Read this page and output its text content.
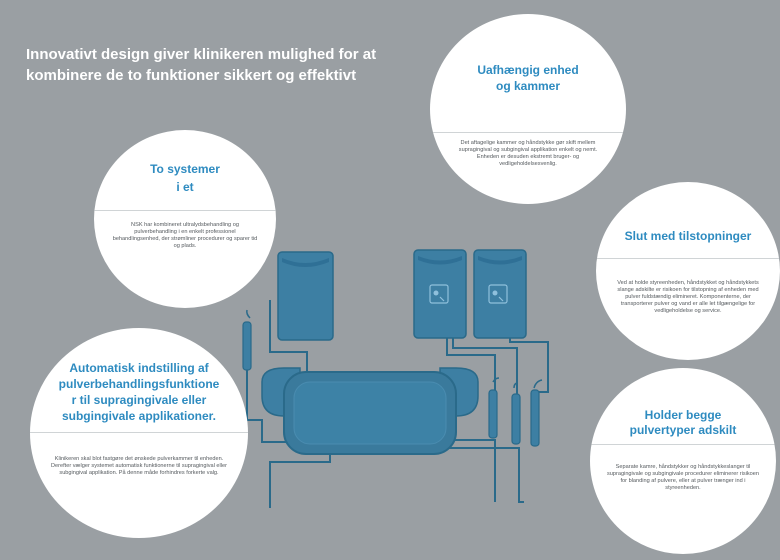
Innovativt design giver klinikeren mulighed for at
kombinere de to funktioner sikkert og effektivt	Uafhængig enhed
og kammer
Det aftagelige kammer og håndstykke gør skift mellem supragingival og subgingival applikation enkelt og nemt. Enheden er desuden ekstremt bruger- og vedligeholdelsesvenlig.
To systemer
i et
NSK har kombineret ultralydsbehandling og pulverbehandling i en enkelt professionel behandlingsenhed, der strømliner procedurer og sparer tid og plads.
Slut med tilstopninger
Ved at holde styreenheden, håndstykket og håndstykkets slange adskilte er risikoen for tilstopning af enheden med pulver fuldstændig elimineret. Komponenterne, der transporterer pulver og vand er alle let tilgængelige for vedligeholdelse og service.
Automatisk indstilling af
pulverbehandlingsfunktione
r til supragingivale eller
subgingivale applikationer.
Klinikeren skal blot fastgøre det ønskede pulverkammer til enheden. Derefter vælger systemet automatisk funktionerne til supragingival eller subgingival applikation. På denne måde forhindres forkerte valg.
Holder begge
pulvertyper adskilt
Separate kamre, håndstykker og håndstykkeslanger til supragingivale og subgingivale procedurer eliminerer risikoen for blanding af pulvere, eller at pulver trænger ind i styreenheden.
